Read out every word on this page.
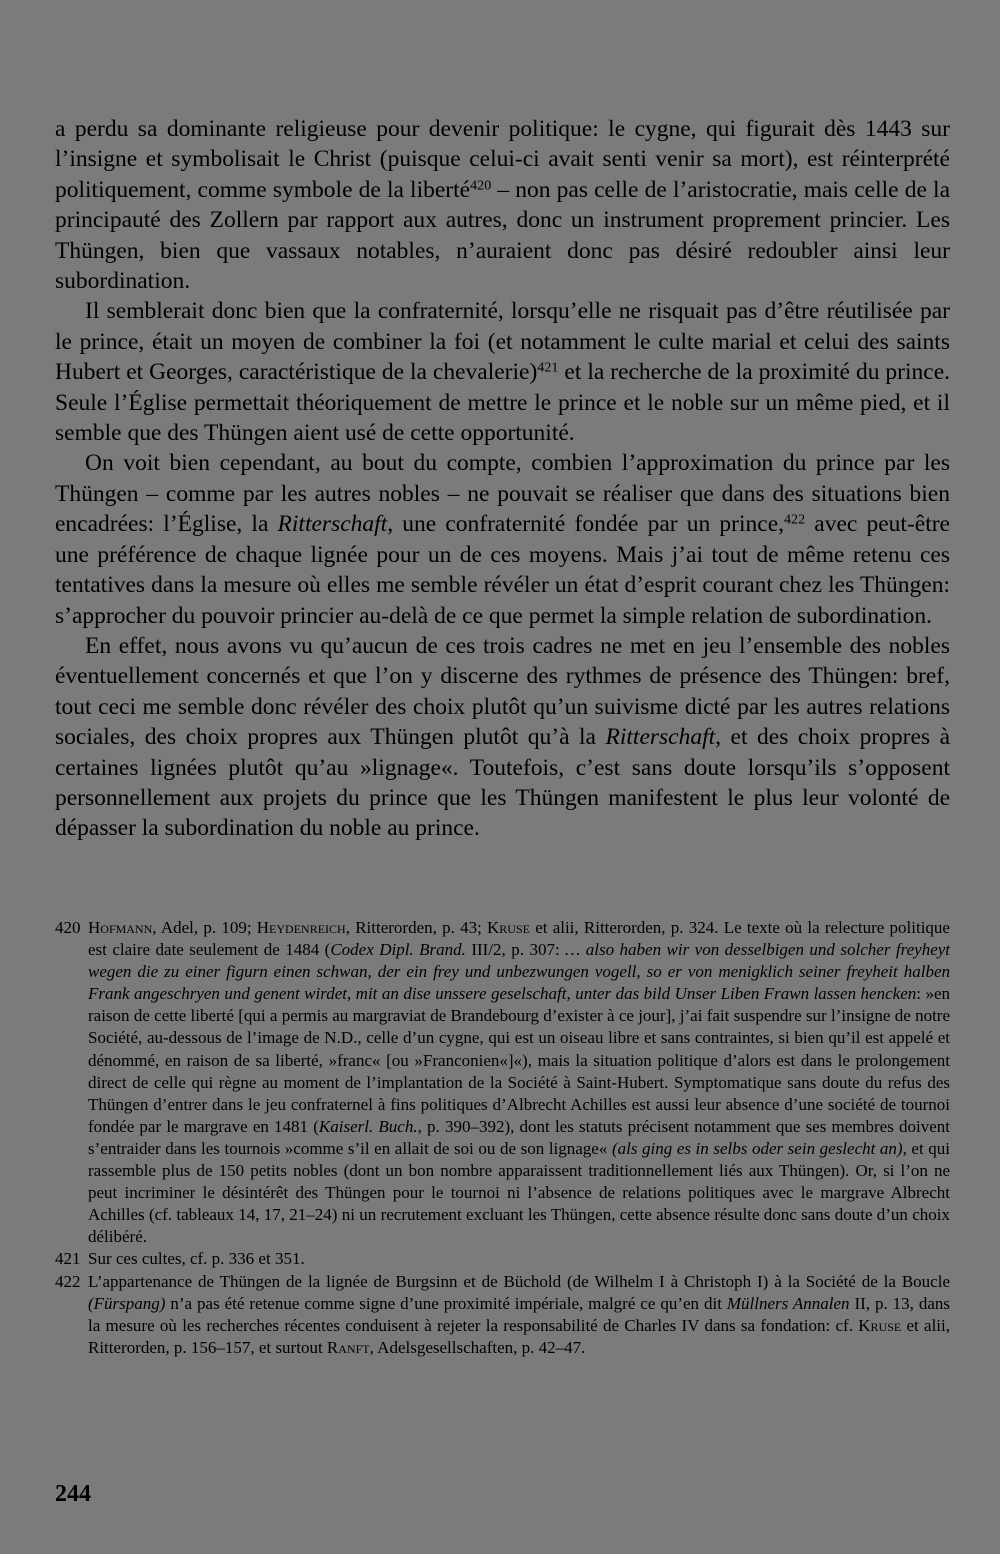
a perdu sa dominante religieuse pour devenir politique: le cygne, qui figurait dès 1443 sur l’insigne et symbolisait le Christ (puisque celui-ci avait senti venir sa mort), est réinterprété politiquement, comme symbole de la liberté$^{420}$ – non pas celle de l’aristocratie, mais celle de la principauté des Zollern par rapport aux autres, donc un instrument proprement princier. Les Thüngen, bien que vassaux notables, n’auraient donc pas désiré redoubler ainsi leur subordination.

Il semblerait donc bien que la confraternité, lorsqu’elle ne risquait pas d’être réutilisée par le prince, était un moyen de combiner la foi (et notamment le culte marial et celui des saints Hubert et Georges, caractéristique de la chevalerie)$^{421}$ et la recherche de la proximité du prince. Seule l’Église permettait théoriquement de mettre le prince et le noble sur un même pied, et il semble que des Thüngen aient usé de cette opportunité.

On voit bien cependant, au bout du compte, combien l’approximation du prince par les Thüngen – comme par les autres nobles – ne pouvait se réaliser que dans des situations bien encadrées: l’Église, la Ritterschaft, une confraternité fondée par un prince,$^{422}$ avec peut-être une préférence de chaque lignée pour un de ces moyens. Mais j’ai tout de même retenu ces tentatives dans la mesure où elles me semble révéler un état d’esprit courant chez les Thüngen: s’approcher du pouvoir princier au-delà de ce que permet la simple relation de subordination.

En effet, nous avons vu qu’aucun de ces trois cadres ne met en jeu l’ensemble des nobles éventuellement concernés et que l’on y discerne des rythmes de présence des Thüngen: bref, tout ceci me semble donc révéler des choix plutôt qu’un suivisme dicté par les autres relations sociales, des choix propres aux Thüngen plutôt qu’à la Ritterschaft, et des choix propres à certaines lignées plutôt qu’au »lignage«. Toutefois, c’est sans doute lorsqu’ils s’opposent personnellement aux projets du prince que les Thüngen manifestent le plus leur volonté de dépasser la subordination du noble au prince.

420 Hofmann, Adel, p. 109; Heydenreich, Ritterorden, p. 43; Kruse et alii, Ritterorden, p. 324. Le texte où la relecture politique est claire date seulement de 1484 (Codex Dipl. Brand. III/2, p. 307: … also haben wir von desselbigen und solcher freyheyt wegen die zu einer figurn einen schwan, der ein frey und unbezwungen vogell, so er von menigklich seiner freyheit halben Frank angeschryen und genent wirdet, mit an dise unssere geselschaft, unter das bild Unser Liben Frawn lassen hencken: »en raison de cette liberté [qui a permis au margraviat de Brandebourg d’exister à ce jour], j’ai fait suspendre sur l’insigne de notre Société, au-dessous de l’image de N.D., celle d’un cygne, qui est un oiseau libre et sans contraintes, si bien qu’il est appelé et dénommé, en raison de sa liberté, »franc« [ou »Franconien«]«), mais la situation politique d’alors est dans le prolongement direct de celle qui règne au moment de l’implantation de la Société à Saint-Hubert. Symptomatique sans doute du refus des Thüngen d’entrer dans le jeu confraternel à fins politiques d’Albrecht Achilles est aussi leur absence d’une société de tournoi fondée par le margrave en 1481 (Kaiserl. Buch., p. 390–392), dont les statuts précisent notamment que ses membres doivent s’entraider dans les tournois »comme s’il en allait de soi ou de son lignage« (als ging es in selbs oder sein geslecht an), et qui rassemble plus de 150 petits nobles (dont un bon nombre apparaissent traditionnellement liés aux Thüngen). Or, si l’on ne peut incriminer le désintérêt des Thüngen pour le tournoi ni l’absence de relations politiques avec le margrave Albrecht Achilles (cf. tableaux 14, 17, 21–24) ni un recrutement excluant les Thüngen, cette absence résulte donc sans doute d’un choix délibéré.
421 Sur ces cultes, cf. p. 336 et 351.
422 L’appartenance de Thüngen de la lignée de Burgsinn et de Büchold (de Wilhelm I à Christoph I) à la Société de la Boucle (Fürspang) n’a pas été retenue comme signe d’une proximité impériale, malgré ce qu’en dit Müllners Annalen II, p. 13, dans la mesure où les recherches récentes conduisent à rejeter la responsabilité de Charles IV dans sa fondation: cf. Kruse et alii, Ritterorden, p. 156–157, et surtout Ranft, Adelsgesellschaften, p. 42–47.
244
